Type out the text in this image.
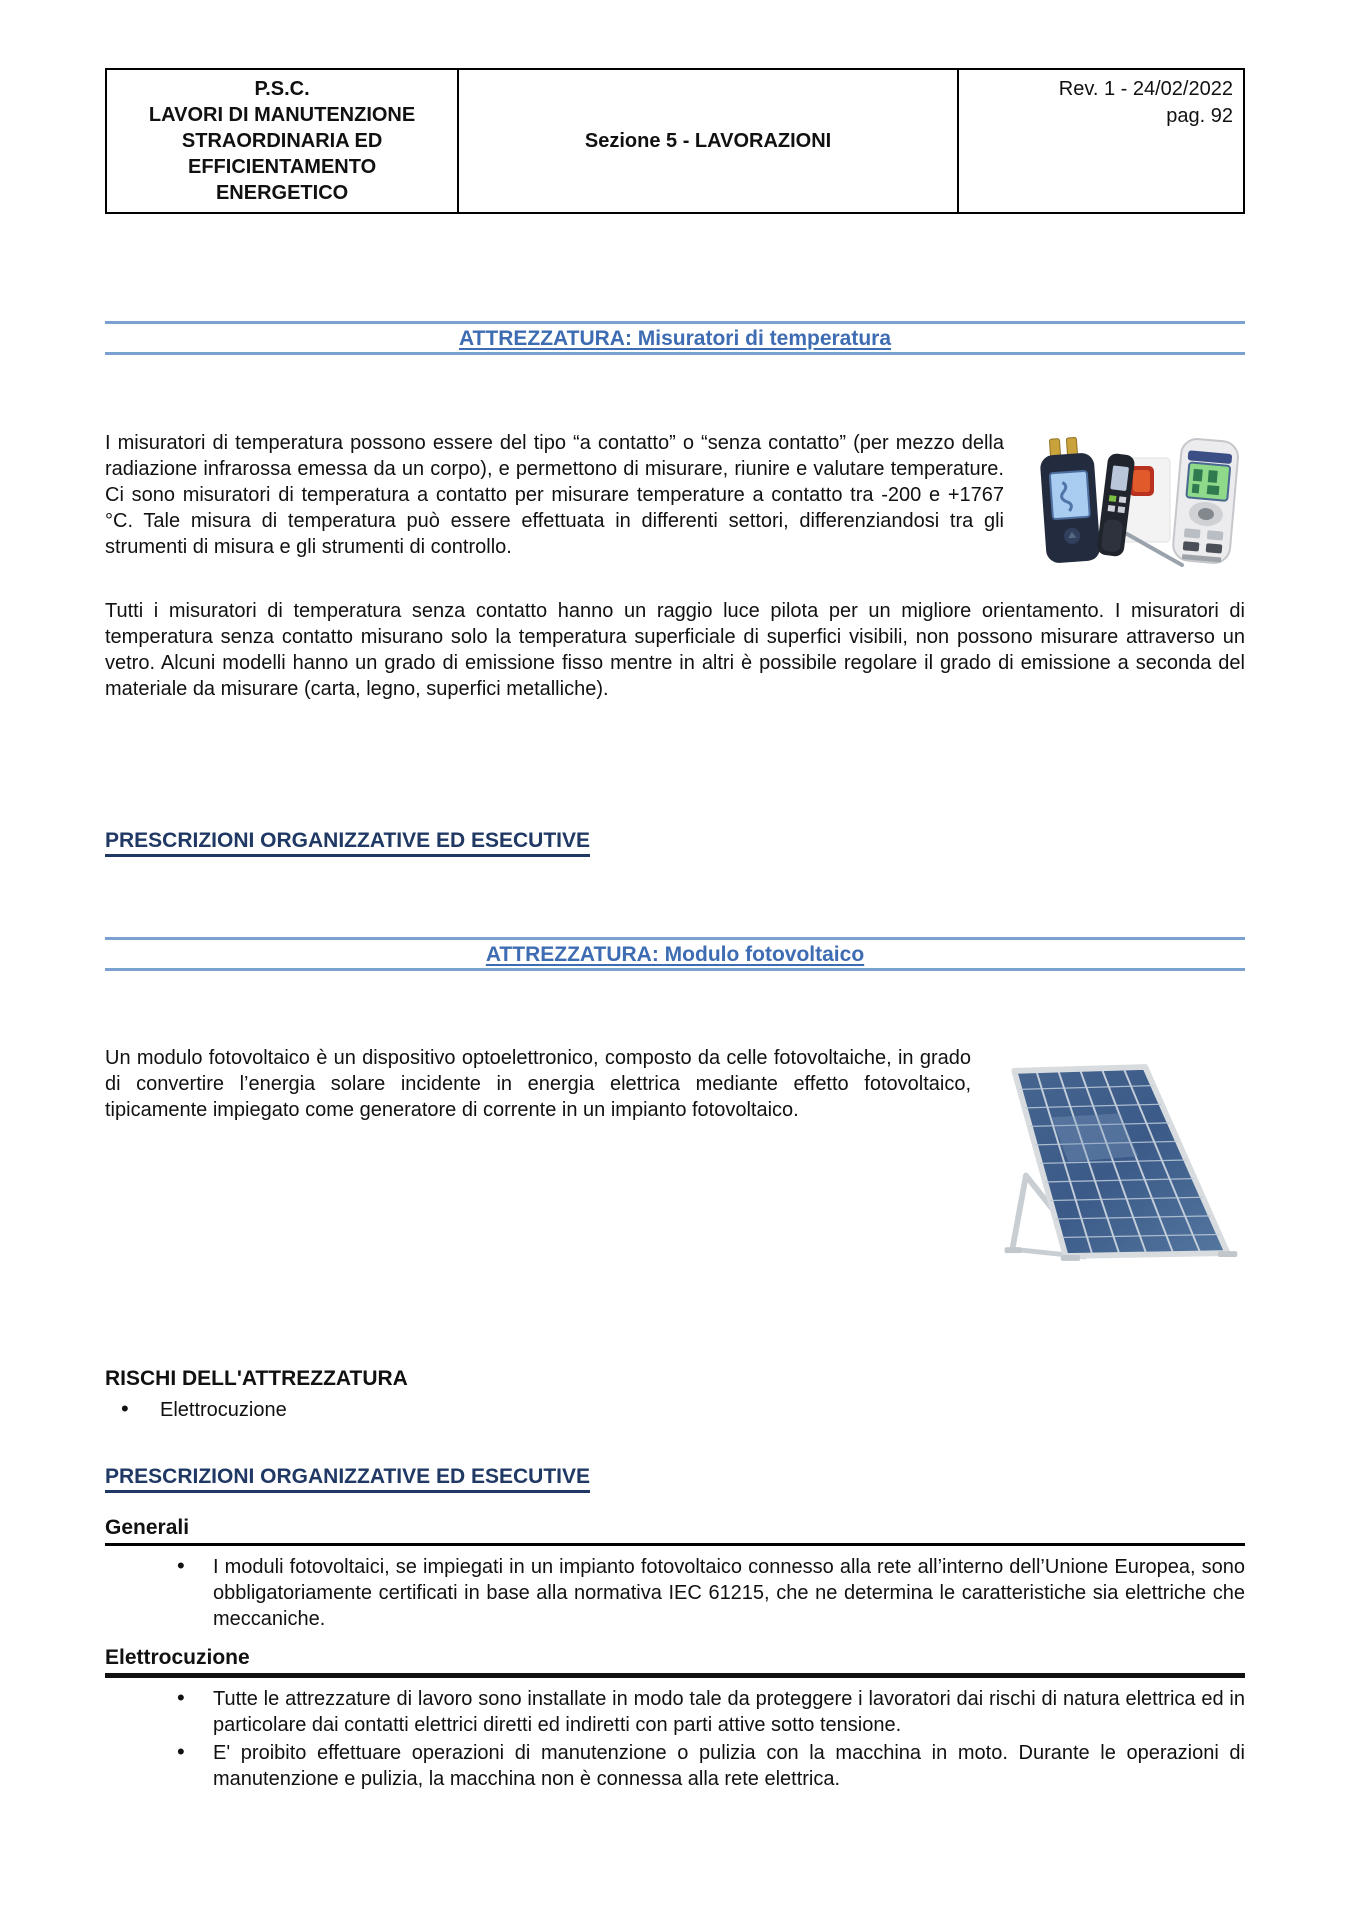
P.S.C.
LAVORI DI MANUTENZIONE
STRAORDINARIA ED
EFFICIENTAMENTO
ENERGETICO
Sezione 5 - LAVORAZIONI
Rev. 1 - 24/02/2022
pag. 92
ATTREZZATURA: Misuratori di temperatura
I misuratori di temperatura possono essere del tipo “a contatto” o “senza contatto” (per mezzo della radiazione infrarossa emessa da un corpo), e permettono di misurare, riunire e valutare temperature. Ci sono misuratori di temperatura a contatto per misurare temperature a contatto tra -200 e +1767 °C. Tale misura di temperatura può essere effettuata in differenti settori, differenziandosi tra gli strumenti di misura e gli strumenti di controllo.
Tutti i misuratori di temperatura senza contatto hanno un raggio luce pilota per un migliore orientamento. I misuratori di temperatura senza contatto misurano solo la temperatura superficiale di superfici visibili, non possono misurare attraverso un vetro. Alcuni modelli hanno un grado di emissione fisso mentre in altri è possibile regolare il grado di emissione a seconda del materiale da misurare (carta, legno, superfici metalliche).
PRESCRIZIONI ORGANIZZATIVE ED ESECUTIVE
ATTREZZATURA: Modulo fotovoltaico
Un modulo fotovoltaico è un dispositivo optoelettronico, composto da celle fotovoltaiche, in grado di convertire l’energia solare incidente in energia elettrica mediante effetto fotovoltaico, tipicamente impiegato come generatore di corrente in un impianto fotovoltaico.
RISCHI DELL'ATTREZZATURA
• Elettrocuzione
PRESCRIZIONI ORGANIZZATIVE ED ESECUTIVE
Generali
• I moduli fotovoltaici, se impiegati in un impianto fotovoltaico connesso alla rete all’interno dell’Unione Europea, sono obbligatoriamente certificati in base alla normativa IEC 61215, che ne determina le caratteristiche sia elettriche che meccaniche.
Elettrocuzione
• Tutte le attrezzature di lavoro sono installate in modo tale da proteggere i lavoratori dai rischi di natura elettrica ed in particolare dai contatti elettrici diretti ed indiretti con parti attive sotto tensione.
• E' proibito effettuare operazioni di manutenzione o pulizia con la macchina in moto. Durante le operazioni di manutenzione e pulizia, la macchina non è connessa alla rete elettrica.
